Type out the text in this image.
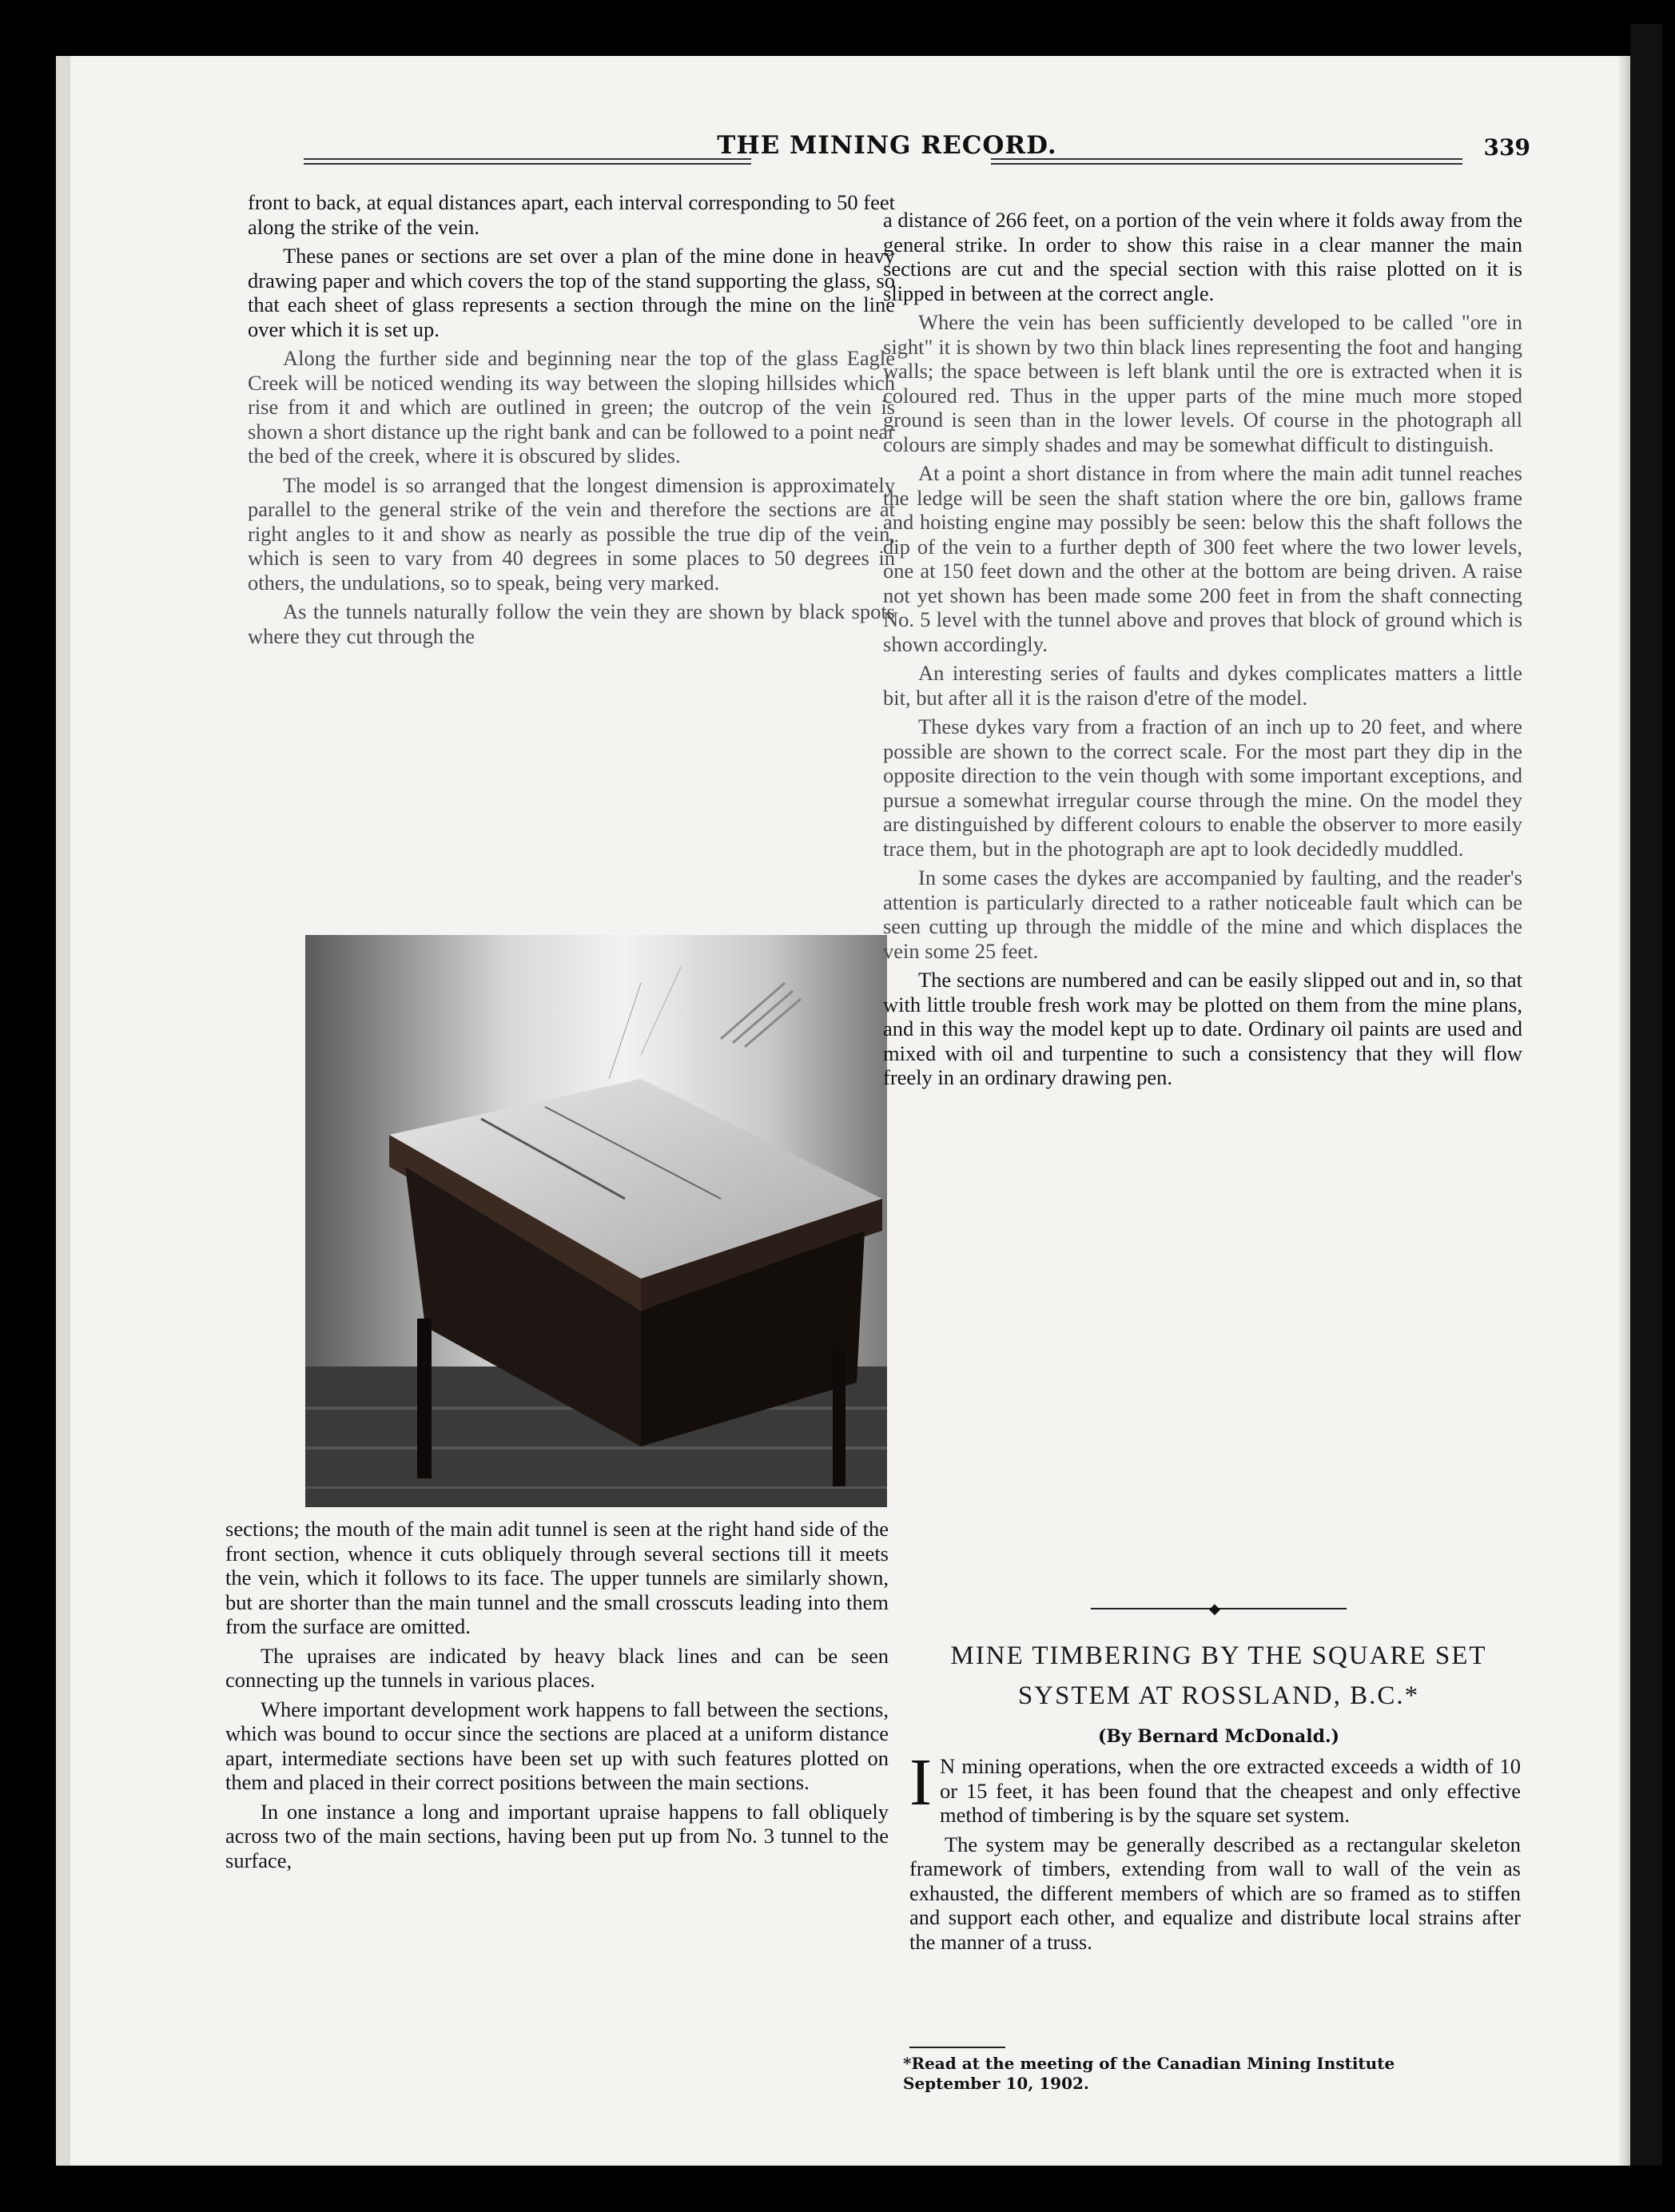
THE MINING RECORD.	339

front to back, at equal distances apart, each interval corresponding to 50 feet along the strike of the vein.

These panes or sections are set over a plan of the mine done in heavy drawing paper and which covers the top of the stand supporting the glass, so that each sheet of glass represents a section through the mine on the line over which it is set up.

Along the further side and beginning near the top of the glass Eagle Creek will be noticed wending its way between the sloping hillsides which rise from it and which are outlined in green; the outcrop of the vein is shown a short distance up the right bank and can be followed to a point near the bed of the creek, where it is obscured by slides.

The model is so arranged that the longest dimension is approximately parallel to the general strike of the vein and therefore the sections are at right angles to it and show as nearly as possible the true dip of the vein, which is seen to vary from 40 degrees in some places to 50 degrees in others, the undulations, so to speak, being very marked.

As the tunnels naturally follow the vein they are shown by black spots where they cut through the

sections; the mouth of the main adit tunnel is seen at the right hand side of the front section, whence it cuts obliquely through several sections till it meets the vein, which it follows to its face. The upper tunnels are similarly shown, but are shorter than the main tunnel and the small crosscuts leading into them from the surface are omitted.

The upraises are indicated by heavy black lines and can be seen connecting up the tunnels in various places.

Where important development work happens to fall between the sections, which was bound to occur since the sections are placed at a uniform distance apart, intermediate sections have been set up with such features plotted on them and placed in their correct positions between the main sections.

In one instance a long and important upraise happens to fall obliquely across two of the main sections, having been put up from No. 3 tunnel to the surface,

a distance of 266 feet, on a portion of the vein where it folds away from the general strike. In order to show this raise in a clear manner the main sections are cut and the special section with this raise plotted on it is slipped in between at the correct angle.

Where the vein has been sufficiently developed to be called "ore in sight" it is shown by two thin black lines representing the foot and hanging walls; the space between is left blank until the ore is extracted when it is coloured red. Thus in the upper parts of the mine much more stoped ground is seen than in the lower levels. Of course in the photograph all colours are simply shades and may be somewhat difficult to distinguish.

At a point a short distance in from where the main adit tunnel reaches the ledge will be seen the shaft station where the ore bin, gallows frame and hoisting engine may possibly be seen: below this the shaft follows the dip of the vein to a further depth of 300 feet where the two lower levels, one at 150 feet down and the other at the bottom are being driven. A raise not yet shown has been made some 200 feet in from the shaft connecting No. 5 level with the tunnel above and proves that block of ground which is shown accordingly.

An interesting series of faults and dykes complicates matters a little bit, but after all it is the raison d'etre of the model.

These dykes vary from a fraction of an inch up to 20 feet, and where possible are shown to the correct scale. For the most part they dip in the opposite direction to the vein though with some important exceptions, and pursue a somewhat irregular course through the mine. On the model they are distinguished by different colours to enable the observer to more easily trace them, but in the photograph are apt to look decidedly muddled.

In some cases the dykes are accompanied by faulting, and the reader's attention is particularly directed to a rather noticeable fault which can be seen cutting up through the middle of the mine and which displaces the vein some 25 feet.

The sections are numbered and can be easily slipped out and in, so that with little trouble fresh work may be plotted on them from the mine plans, and in this way the model kept up to date. Ordinary oil paints are used and mixed with oil and turpentine to such a consistency that they will flow freely in an ordinary drawing pen.

◆
MINE TIMBERING BY THE SQUARE SET
SYSTEM AT ROSSLAND, B.C.*
(By Bernard McDonald.)

I N mining operations, when the ore extracted exceeds a width of 10 or 15 feet, it has been found that the cheapest and only effective method of timbering is by the square set system.

The system may be generally described as a rectangular skeleton framework of timbers, extending from wall to wall of the vein as exhausted, the different members of which are so framed as to stiffen and support each other, and equalize and distribute local strains after the manner of a truss.

*Read at the meeting of the Canadian Mining Institute
September 10, 1902.
